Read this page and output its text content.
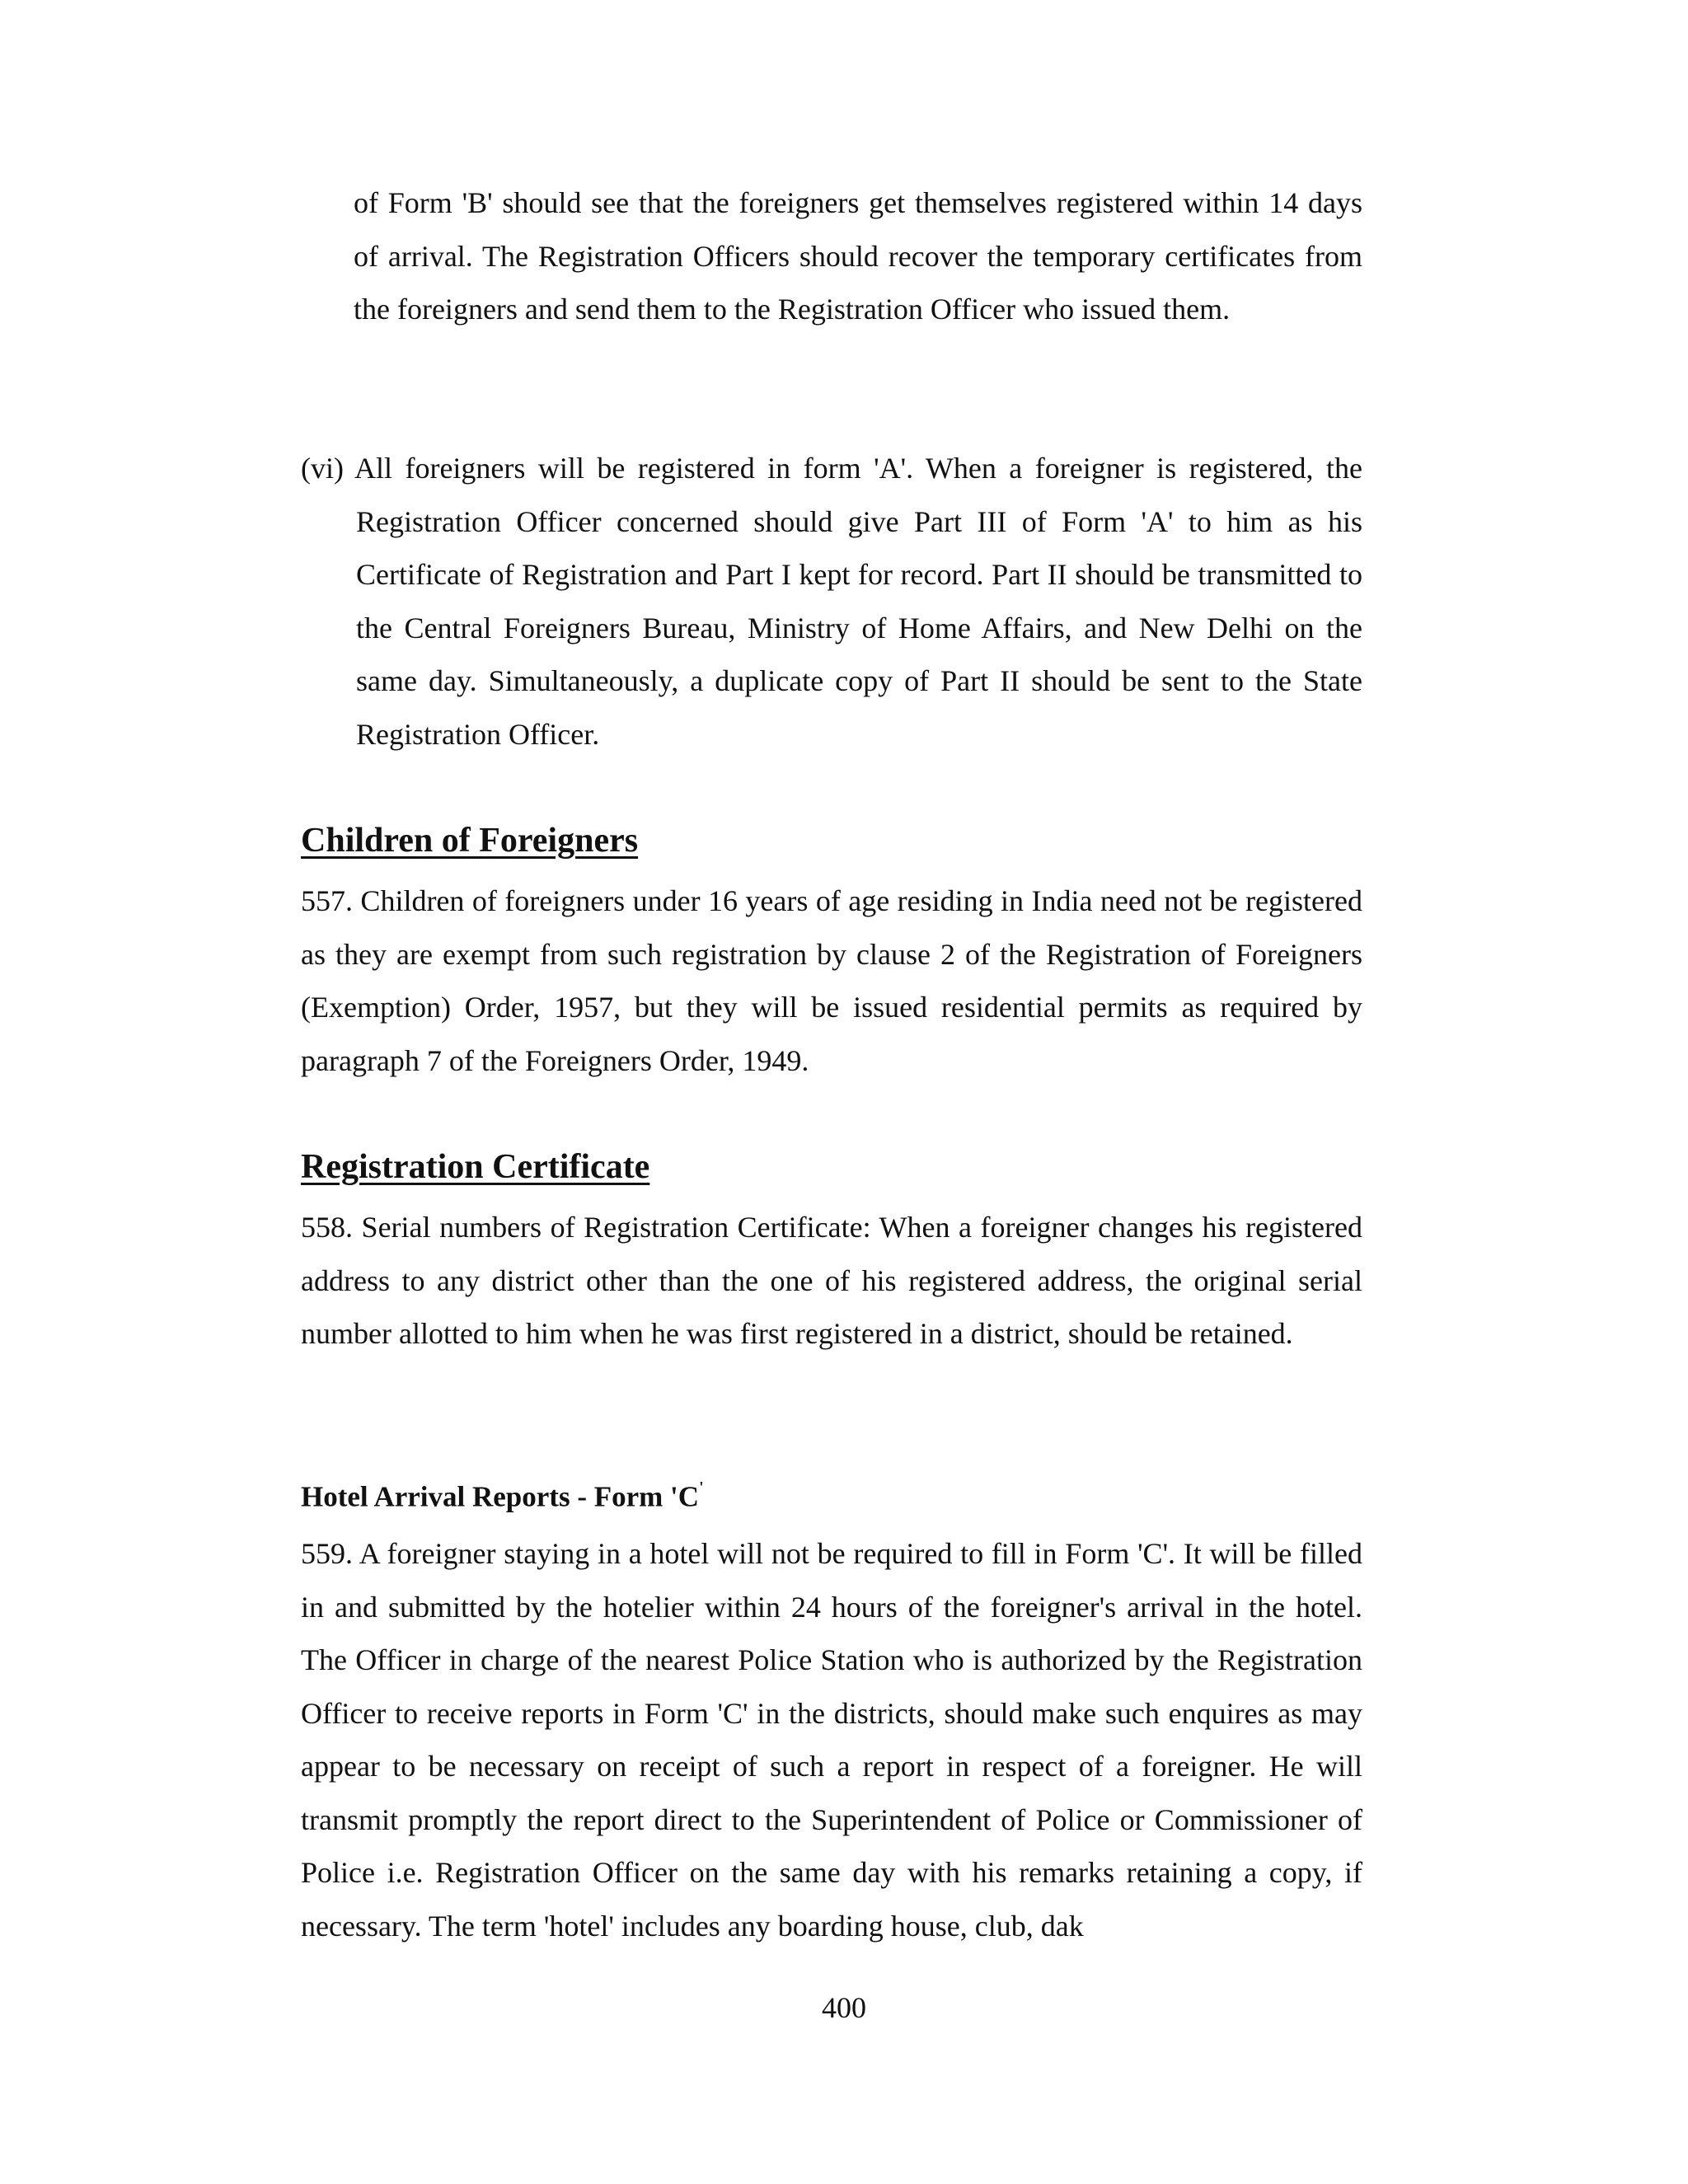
of Form 'B' should see that the foreigners get themselves registered within 14 days of arrival. The Registration Officers should recover the temporary certificates from the foreigners and send them to the Registration Officer who issued them.
(vi) All foreigners will be registered in form 'A'. When a foreigner is registered, the Registration Officer concerned should give Part III of Form 'A' to him as his Certificate of Registration and Part I kept for record. Part II should be transmitted to the Central Foreigners Bureau, Ministry of Home Affairs, and New Delhi on the same day. Simultaneously, a duplicate copy of Part II should be sent to the State Registration Officer.
Children of Foreigners
557. Children of foreigners under 16 years of age residing in India need not be registered as they are exempt from such registration by clause 2 of the Registration of Foreigners (Exemption) Order, 1957, but they will be issued residential permits as required by paragraph 7 of the Foreigners Order, 1949.
Registration Certificate
558. Serial numbers of Registration Certificate: When a foreigner changes his registered address to any district other than the one of his registered address, the original serial number allotted to him when he was first registered in a district, should be retained.
Hotel Arrival Reports - Form 'C'
559. A foreigner staying in a hotel will not be required to fill in Form 'C'. It will be filled in and submitted by the hotelier within 24 hours of the foreigner's arrival in the hotel. The Officer in charge of the nearest Police Station who is authorized by the Registration Officer to receive reports in Form 'C' in the districts, should make such enquires as may appear to be necessary on receipt of such a report in respect of a foreigner. He will transmit promptly the report direct to the Superintendent of Police or Commissioner of Police i.e. Registration Officer on the same day with his remarks retaining a copy, if necessary. The term 'hotel' includes any boarding house, club, dak
400
